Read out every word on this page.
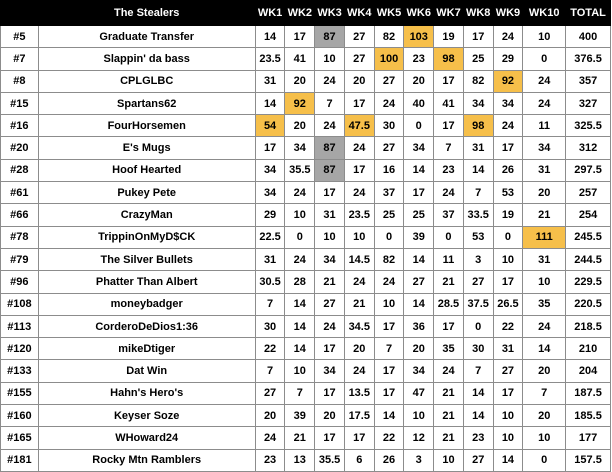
	The Stealers	WK1	WK2	WK3	WK4	WK5	WK6	WK7	WK8	WK9	WK10	TOTAL
#5	Graduate Transfer	14	17	87	27	82	103	19	17	24	10	400
#7	Slappin' da bass	23.5	41	10	27	100	23	98	25	29	0	376.5
#8	CPLGLBC	31	20	24	20	27	20	17	82	92	24	357
#15	Spartans62	14	92	7	17	24	40	41	34	34	24	327
#16	FourHorsemen	54	20	24	47.5	30	0	17	98	24	11	325.5
#20	E's Mugs	17	34	87	24	27	34	7	31	17	34	312
#28	Hoof Hearted	34	35.5	87	17	16	14	23	14	26	31	297.5
#61	Pukey Pete	34	24	17	24	37	17	24	7	53	20	257
#66	CrazyMan	29	10	31	23.5	25	25	37	33.5	19	21	254
#78	TrippinOnMyD$CK	22.5	0	10	10	0	39	0	53	0	111	245.5
#79	The Silver Bullets	31	24	34	14.5	82	14	11	3	10	31	244.5
#96	Phatter Than Albert	30.5	28	21	24	24	27	21	27	17	10	229.5
#108	moneybadger	7	14	27	21	10	14	28.5	37.5	26.5	35	220.5
#113	CorderoDeDios1:36	30	14	24	34.5	17	36	17	0	22	24	218.5
#120	mikeDtiger	22	14	17	20	7	20	35	30	31	14	210
#133	Dat Win	7	10	34	24	17	34	24	7	27	20	204
#155	Hahn's Hero's	27	7	17	13.5	17	47	21	14	17	7	187.5
#160	Keyser Soze	20	39	20	17.5	14	10	21	14	10	20	185.5
#165	WHoward24	24	21	17	17	22	12	21	23	10	10	177
#181	Rocky Mtn Ramblers	23	13	35.5	6	26	3	10	27	14	0	157.5
